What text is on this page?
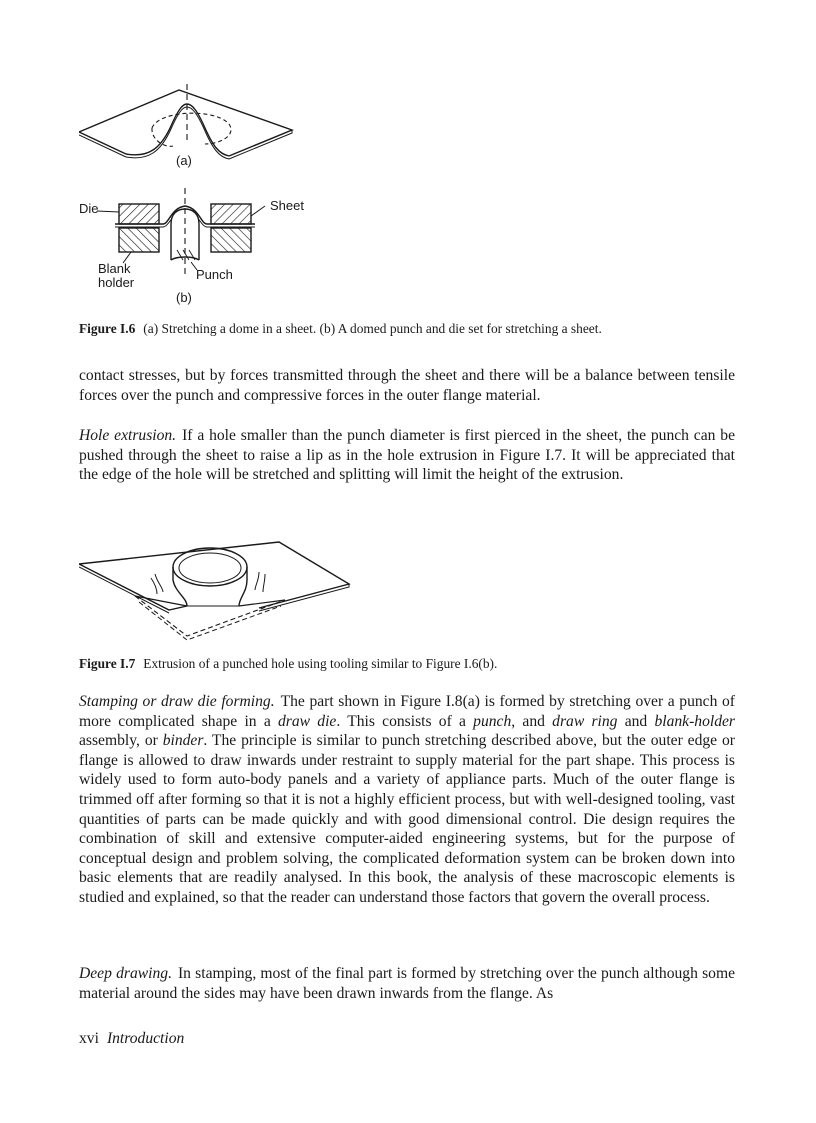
(a)
Die	Sheet
Blank
holder
Punch
(b)
Figure I.6 (a) Stretching a dome in a sheet. (b) A domed punch and die set for stretching a sheet.

contact stresses, but by forces transmitted through the sheet and there will be a balance between tensile forces over the punch and compressive forces in the outer flange material.

Hole extrusion. If a hole smaller than the punch diameter is first pierced in the sheet, the punch can be pushed through the sheet to raise a lip as in the hole extrusion in Figure I.7. It will be appreciated that the edge of the hole will be stretched and splitting will limit the height of the extrusion.

Figure I.7 Extrusion of a punched hole using tooling similar to Figure I.6(b).

Stamping or draw die forming. The part shown in Figure I.8(a) is formed by stretching over a punch of more complicated shape in a draw die. This consists of a punch, and draw ring and blank-holder assembly, or binder. The principle is similar to punch stretching described above, but the outer edge or flange is allowed to draw inwards under restraint to supply material for the part shape. This process is widely used to form auto-body panels and a variety of appliance parts. Much of the outer flange is trimmed off after forming so that it is not a highly efficient process, but with well-designed tooling, vast quantities of parts can be made quickly and with good dimensional control. Die design requires the combination of skill and extensive computer-aided engineering systems, but for the purpose of conceptual design and problem solving, the complicated deformation system can be broken down into basic elements that are readily analysed. In this book, the analysis of these macroscopic elements is studied and explained, so that the reader can understand those factors that govern the overall process.

Deep drawing. In stamping, most of the final part is formed by stretching over the punch although some material around the sides may have been drawn inwards from the flange. As

xvi Introduction
